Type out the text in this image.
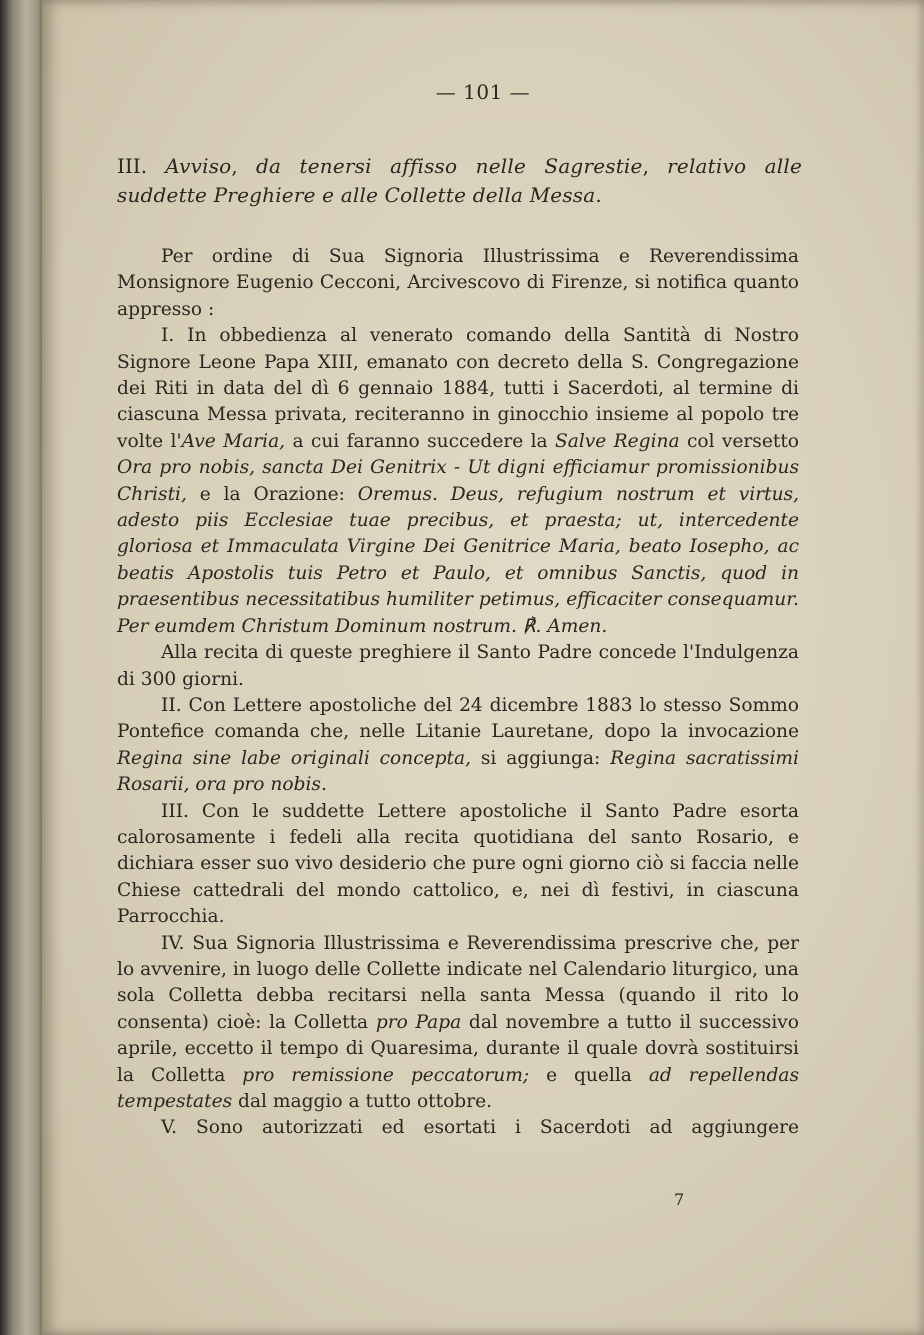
— 101 —
III. Avviso, da tenersi affisso nelle Sagrestie, relativo alle suddette Preghiere e alle Collette della Messa.

Per ordine di Sua Signoria Illustrissima e Reverendissima Monsignore Eugenio Cecconi, Arcivescovo di Firenze, si notifica quanto appresso :

I. In obbedienza al venerato comando della Santità di Nostro Signore Leone Papa XIII, emanato con decreto della S. Congregazione dei Riti in data del dì 6 gennaio 1884, tutti i Sacerdoti, al termine di ciascuna Messa privata, reciteranno in ginocchio insieme al popolo tre volte l'Ave Maria, a cui faranno succedere la Salve Regina col versetto Ora pro nobis, sancta Dei Genitrix - Ut digni efficiamur promissionibus Christi, e la Orazione: Oremus. Deus, refugium nostrum et virtus, adesto piis Ecclesiae tuae precibus, et praesta; ut, intercedente gloriosa et Immaculata Virgine Dei Genitrice Maria, beato Iosepho, ac beatis Apostolis tuis Petro et Paulo, et omnibus Sanctis, quod in praesentibus necessitatibus humiliter petimus, efficaciter consequamur. Per eumdem Christum Dominum nostrum. ℟. Amen.

Alla recita di queste preghiere il Santo Padre concede l'Indulgenza di 300 giorni.

II. Con Lettere apostoliche del 24 dicembre 1883 lo stesso Sommo Pontefice comanda che, nelle Litanie Lauretane, dopo la invocazione Regina sine labe originali concepta, si aggiunga: Regina sacratissimi Rosarii, ora pro nobis.

III. Con le suddette Lettere apostoliche il Santo Padre esorta calorosamente i fedeli alla recita quotidiana del santo Rosario, e dichiara esser suo vivo desiderio che pure ogni giorno ciò si faccia nelle Chiese cattedrali del mondo cattolico, e, nei dì festivi, in ciascuna Parrocchia.

IV. Sua Signoria Illustrissima e Reverendissima prescrive che, per lo avvenire, in luogo delle Collette indicate nel Calendario liturgico, una sola Colletta debba recitarsi nella santa Messa (quando il rito lo consenta) cioè: la Colletta pro Papa dal novembre a tutto il successivo aprile, eccetto il tempo di Quaresima, durante il quale dovrà sostituirsi la Colletta pro remissione peccatorum; e quella ad repellendas tempestates dal maggio a tutto ottobre.

V. Sono autorizzati ed esortati i Sacerdoti ad aggiungere

7
